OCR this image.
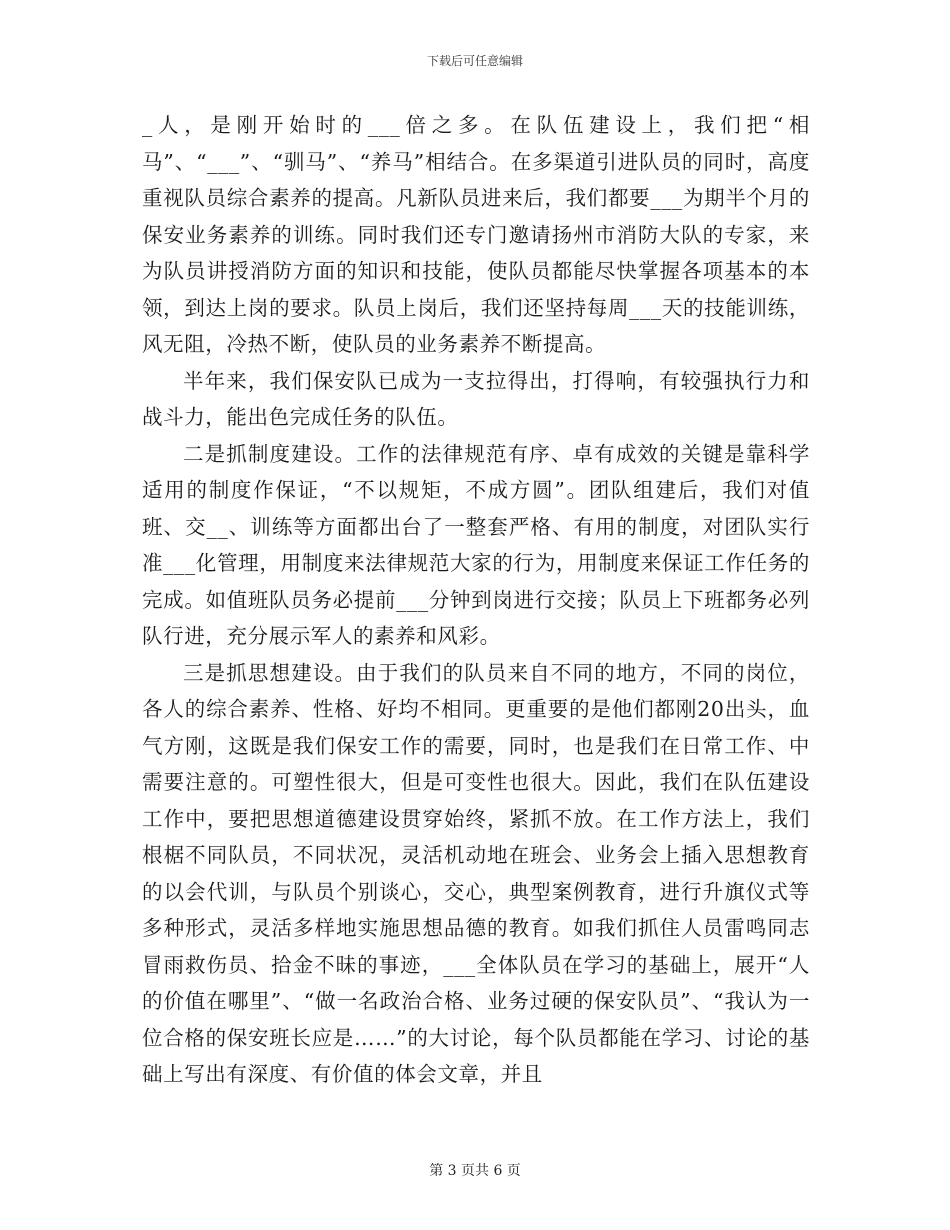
下载后可任意编辑

_人，是刚开始时的___倍之多。在队伍建设上，我们把“相马”、“___”、“驯马”、“养马”相结合。在多渠道引进队员的同时，高度重视队员综合素养的提高。凡新队员进来后，我们都要___为期半个月的保安业务素养的训练。同时我们还专门邀请扬州市消防大队的专家，来为队员讲授消防方面的知识和技能，使队员都能尽快掌握各项基本的本领，到达上岗的要求。队员上岗后，我们还坚持每周___天的技能训练，风无阻，冷热不断，使队员的业务素养不断提高。

半年来，我们保安队已成为一支拉得出，打得响，有较强执行力和战斗力，能出色完成任务的队伍。

二是抓制度建设。工作的法律规范有序、卓有成效的关键是靠科学适用的制度作保证，“不以规矩，不成方圆”。团队组建后，我们对值班、交__、训练等方面都出台了一整套严格、有用的制度，对团队实行准___化管理，用制度来法律规范大家的行为，用制度来保证工作任务的完成。如值班队员务必提前___分钟到岗进行交接；队员上下班都务必列队行进，充分展示军人的素养和风彩。

三是抓思想建设。由于我们的队员来自不同的地方，不同的岗位，各人的综合素养、性格、好均不相同。更重要的是他们都刚20出头，血气方刚，这既是我们保安工作的需要，同时，也是我们在日常工作、中需要注意的。可塑性很大，但是可变性也很大。因此，我们在队伍建设工作中，要把思想道德建设贯穿始终，紧抓不放。在工作方法上，我们根椐不同队员，不同状况，灵活机动地在班会、业务会上插入思想教育的以会代训，与队员个别谈心，交心，典型案例教育，进行升旗仪式等多种形式，灵活多样地实施思想品德的教育。如我们抓住人员雷鸣同志冒雨救伤员、拾金不昧的事迹，___全体队员在学习的基础上，展开“人的价值在哪里”、“做一名政治合格、业务过硬的保安队员”、“我认为一位合格的保安班长应是……”的大讨论，每个队员都能在学习、讨论的基础上写出有深度、有价值的体会文章，并且

第 3 页共 6 页
